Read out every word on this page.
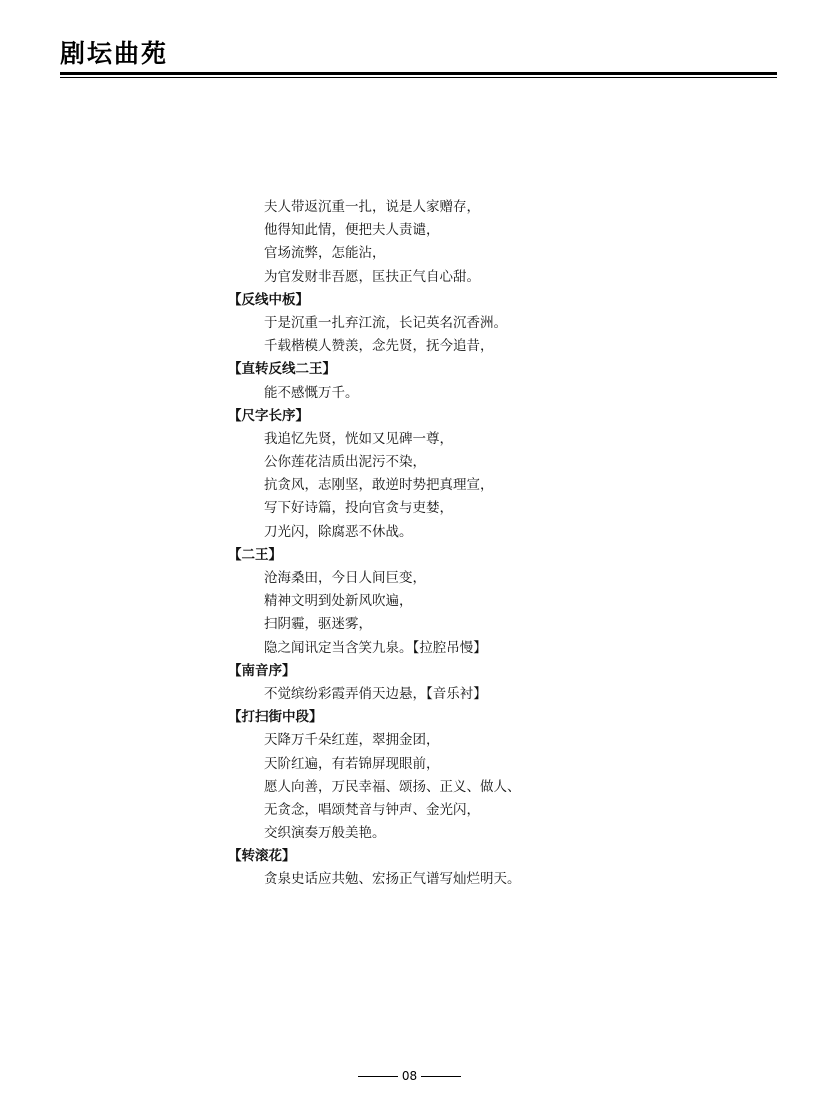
剧坛曲苑
夫人带返沉重一扎，说是人家赠存，
他得知此情，便把夫人责谴，
官场流弊，怎能沾，
为官发财非吾愿，匡扶正气自心甜。
【反线中板】
于是沉重一扎弃江流，长记英名沉香洲。
千载楷模人赞羡，念先贤，抚今追昔，
【直转反线二王】
能不感慨万千。
【尺字长序】
我追忆先贤，恍如又见碑一尊，
公你莲花洁质出泥污不染，
抗贪风，志刚坚，敢逆时势把真理宣，
写下好诗篇，投向官贪与吏婪，
刀光闪，除腐恶不休战。
【二王】
沧海桑田，今日人间巨变，
精神文明到处新风吹遍，
扫阴霾，驱迷雾，
隐之闻讯定当含笑九泉。【拉腔吊慢】
【南音序】
不觉缤纷彩霞弄俏天边悬，【音乐衬】
【打扫街中段】
天降万千朵红莲，翠拥金团，
天阶红遍，有若锦屏现眼前，
愿人向善，万民幸福、颂扬、正义、做人、
无贪念，唱颂梵音与钟声、金光闪，
交织演奏万般美艳。
【转滚花】
贪泉史话应共勉、宏扬正气谱写灿烂明天。
08
